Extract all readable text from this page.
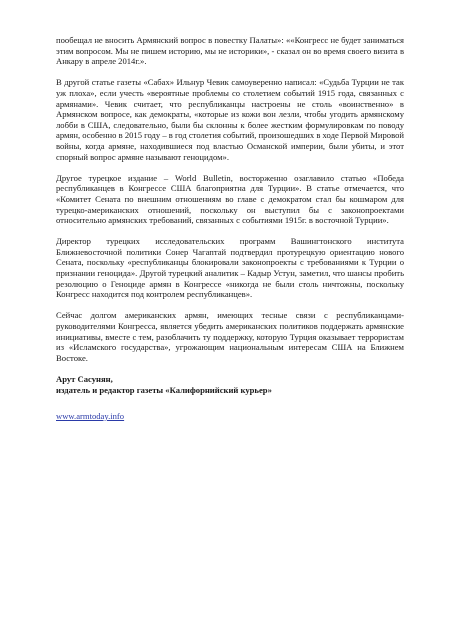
пообещал не вносить Армянский вопрос в повестку Палаты»: ««Конгресс не будет заниматься этим вопросом. Мы не пишем историю, мы не историки», - сказал он во время своего визита в Анкару в апреле 2014г.».

В другой статье газеты «Сабах» Ильнур Чевик самоуверенно написал: «Судьба Турции не так уж плоха», если учесть «вероятные проблемы со столетием событий 1915 года, связанных с армянами». Чевик считает, что республиканцы настроены не столь «воинственно» в Армянском вопросе, как демократы, «которые из кожи вон лезли, чтобы угодить армянскому лобби в США, следовательно, были бы склонны к более жестким формулировкам по поводу армян, особенно в 2015 году – в год столетия событий, произошедших в ходе Первой Мировой войны, когда армяне, находившиеся под властью Османской империи, были убиты, и этот спорный вопрос армяне называют геноцидом».

Другое турецкое издание – World Bulletin, восторженно озаглавило статью «Победа республиканцев в Конгрессе США благоприятна для Турции». В статье отмечается, что «Комитет Сената по внешним отношениям во главе с демократом стал бы кошмаром для турецко-американских отношений, поскольку он выступил бы с законопроектами относительно армянских требований, связанных с событиями 1915г. в восточной Турции».

Директор турецких исследовательских программ Вашингтонского института Ближневосточной политики Сонер Чагаптай подтвердил протурецкую ориентацию нового Сената, поскольку «республиканцы блокировали законопроекты с требованиями к Турции о признании геноцида». Другой турецкий аналитик – Кадыр Устун, заметил, что шансы пробить резолюцию о Геноциде армян в Конгрессе «никогда не были столь ничтожны, поскольку Конгресс находится под контролем республиканцев».

Сейчас долгом американских армян, имеющих тесные связи с республиканцами-руководителями Конгресса, является убедить американских политиков поддержать армянские инициативы, вместе с тем, разоблачить ту поддержку, которую Турция оказывает террористам из «Исламского государства», угрожающим национальным интересам США на Ближнем Востоке.

Арут Сасунян,
издатель и редактор газеты «Калифорнийский курьер»
www.armtoday.info
